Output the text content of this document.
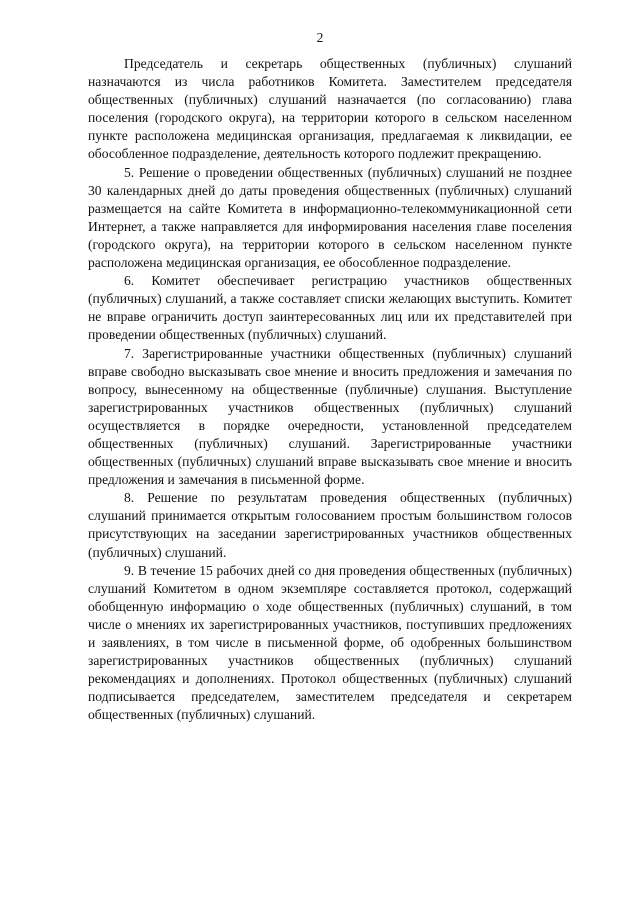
2

Председатель и секретарь общественных (публичных) слушаний назначаются из числа работников Комитета. Заместителем председателя общественных (публичных) слушаний назначается (по согласованию) глава поселения (городского округа), на территории которого в сельском населенном пункте расположена медицинская организация, предлагаемая к ликвидации, ее обособленное подразделение, деятельность которого подлежит прекращению.

5. Решение о проведении общественных (публичных) слушаний не позднее 30 календарных дней до даты проведения общественных (публичных) слушаний размещается на сайте Комитета в информационно-телекоммуникационной сети Интернет, а также направляется для информирования населения главе поселения (городского округа), на территории которого в сельском населенном пункте расположена медицинская организация, ее обособленное подразделение.

6. Комитет обеспечивает регистрацию участников общественных (публичных) слушаний, а также составляет списки желающих выступить. Комитет не вправе ограничить доступ заинтересованных лиц или их представителей при проведении общественных (публичных) слушаний.

7. Зарегистрированные участники общественных (публичных) слушаний вправе свободно высказывать свое мнение и вносить предложения и замечания по вопросу, вынесенному на общественные (публичные) слушания. Выступление зарегистрированных участников общественных (публичных) слушаний осуществляется в порядке очередности, установленной председателем общественных (публичных) слушаний. Зарегистрированные участники общественных (публичных) слушаний вправе высказывать свое мнение и вносить предложения и замечания в письменной форме.

8. Решение по результатам проведения общественных (публичных) слушаний принимается открытым голосованием простым большинством голосов присутствующих на заседании зарегистрированных участников общественных (публичных) слушаний.

9. В течение 15 рабочих дней со дня проведения общественных (публичных) слушаний Комитетом в одном экземпляре составляется протокол, содержащий обобщенную информацию о ходе общественных (публичных) слушаний, в том числе о мнениях их зарегистрированных участников, поступивших предложениях и заявлениях, в том числе в письменной форме, об одобренных большинством зарегистрированных участников общественных (публичных) слушаний рекомендациях и дополнениях. Протокол общественных (публичных) слушаний подписывается председателем, заместителем председателя и секретарем общественных (публичных) слушаний.
